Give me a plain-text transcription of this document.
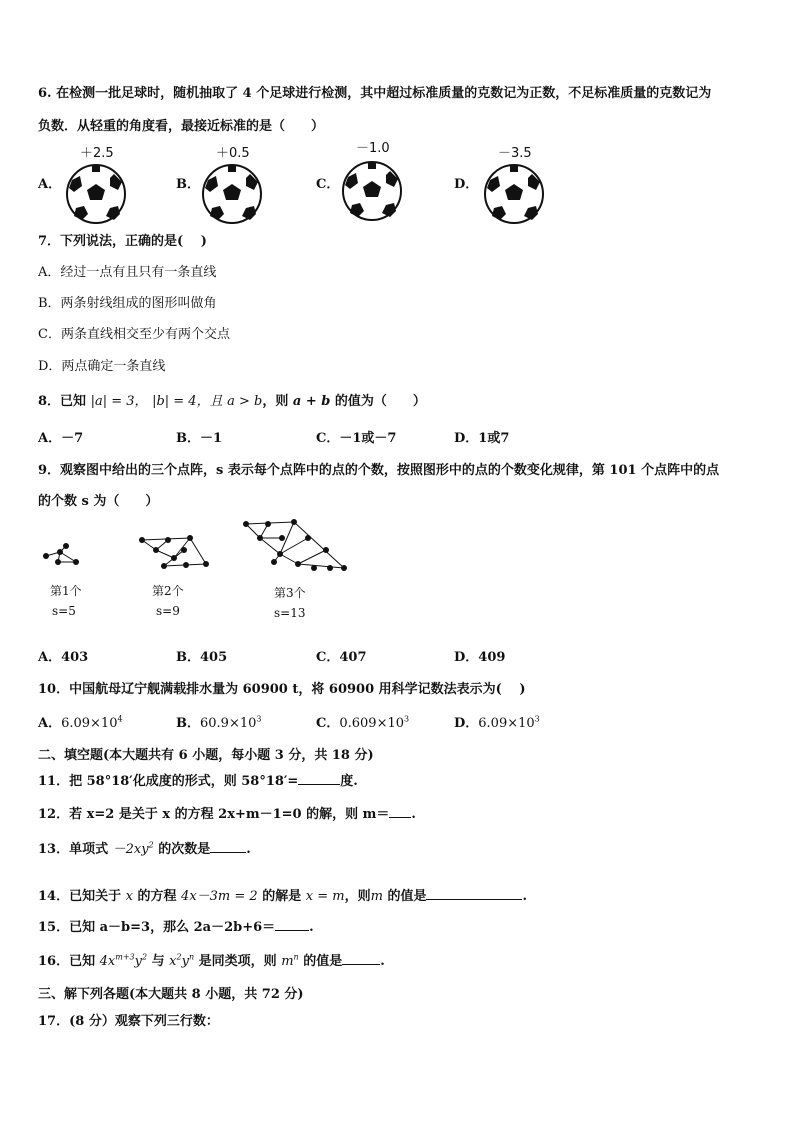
6. 在检测一批足球时，随机抽取了 4 个足球进行检测，其中超过标准质量的克数记为正数，不足标准质量的克数记为
负数．从轻重的角度看，最接近标准的是（　　）
A．
＋2.5
B．
＋0.5
C．
－1.0
D．
－3.5
7．下列说法，正确的是(　 )
A．经过一点有且只有一条直线
B．两条射线组成的图形叫做角
C．两条直线相交至少有两个交点
D．两点确定一条直线
8．已知 |a| = 3， |b| = 4，且 a > b，则 a + b 的值为（　　）
A．－7	B．－1	C．－1或－7	D．1或7
9．观察图中给出的三个点阵，s 表示每个点阵中的点的个数，按照图形中的点的个数变化规律，第 101 个点阵中的点
的个数 s 为（　　）
第1个
s=5
第2个
s=9
第3个
s=13
A．403	B．405	C．407	D．409
10．中国航母辽宁舰满载排水量为 60900 t，将 60900 用科学记数法表示为(　 )
A．$6.09\times 10^4$	B．$60.9\times 10^3$	C．$0.609\times 10^3$	D．$6.09\times 10^3$
二、填空题(本大题共有 6 小题，每小题 3 分，共 18 分)
11．把 58°18′化成度的形式，则 58°18′=	度.
12．若 x=2 是关于 x 的方程 2x+m－1=0 的解，则 m＝ .
13．单项式 $-2xy^2$ 的次数是	.
14．已知关于 x 的方程 4x－3m = 2 的解是 x = m，则m 的值是	.
15．已知 a－b=3，那么 2a－2b+6＝	.
16．已知 $4x^{m+3}y^2$ 与 $x^2y^n$ 是同类项，则 $m^n$ 的值是	.
三、解下列各题(本大题共 8 小题，共 72 分)
17．(8 分）观察下列三行数：
